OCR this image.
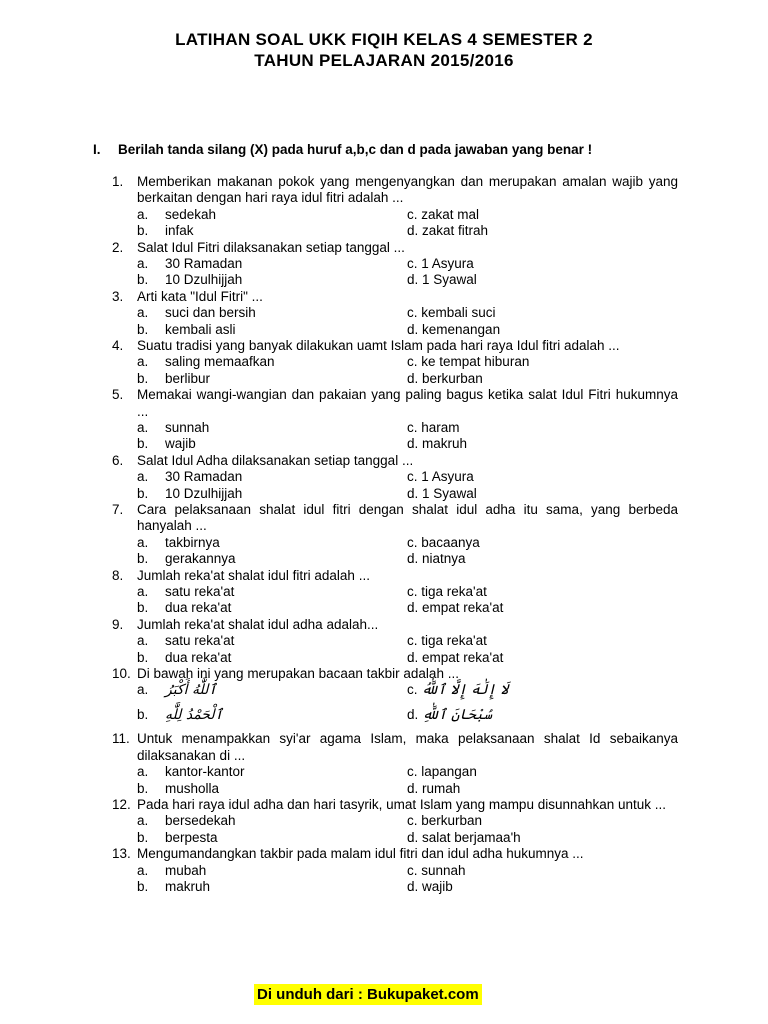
LATIHAN SOAL UKK FIQIH KELAS 4 SEMESTER 2
TAHUN PELAJARAN 2015/2016
I. Berilah tanda silang (X) pada huruf a,b,c dan d pada jawaban yang benar !
1. Memberikan makanan pokok yang mengenyangkan dan merupakan amalan wajib yang berkaitan dengan hari raya idul fitri adalah ...
a. sedekah	c. zakat mal
b. infak	d. zakat fitrah
2. Salat Idul Fitri dilaksanakan setiap tanggal ...
a. 30 Ramadan	c. 1 Asyura
b. 10 Dzulhijjah	d. 1 Syawal
3. Arti kata "Idul Fitri" ...
a. suci dan bersih	c. kembali suci
b. kembali asli	d. kemenangan
4. Suatu tradisi yang banyak dilakukan uamt Islam pada hari raya Idul fitri adalah ...
a. saling memaafkan	c. ke tempat hiburan
b. berlibur	d. berkurban
5. Memakai wangi-wangian dan pakaian yang paling bagus ketika salat Idul Fitri hukumnya ...
a. sunnah	c. haram
b. wajib	d. makruh
6. Salat Idul Adha dilaksanakan setiap tanggal ...
a. 30 Ramadan	c. 1 Asyura
b. 10 Dzulhijjah	d. 1 Syawal
7. Cara pelaksanaan shalat idul fitri dengan shalat idul adha itu sama, yang berbeda hanyalah ...
a. takbirnya	c. bacaanya
b. gerakannya	d. niatnya
8. Jumlah reka'at shalat idul fitri adalah ...
a. satu reka'at	c. tiga reka'at
b. dua reka'at	d. empat reka'at
9. Jumlah reka'at shalat idul adha adalah...
a. satu reka'at	c. tiga reka'at
b. dua reka'at	d. empat reka'at
10. Di bawah ini yang merupakan bacaan takbir adalah ...
a. ٱللَّٰهُ أَكْبَرُ	c. لَا إِلَٰهَ إِلَّا ٱللَّٰهُ
b. ٱلْحَمْدُ لِلَّٰهِ	d. سُبْحَانَ ٱللَّٰهِ
11. Untuk menampakkan syi'ar agama Islam, maka pelaksanaan shalat Id sebaikanya dilaksanakan di ...
a. kantor-kantor	c. lapangan
b. musholla	d. rumah
12. Pada hari raya idul adha dan hari tasyrik, umat Islam yang mampu disunnahkan untuk ...
a. bersedekah	c. berkurban
b. berpesta	d. salat berjamaa'h
13. Mengumandangkan takbir pada malam idul fitri dan idul adha hukumnya ...
a. mubah	c. sunnah
b. makruh	d. wajib
Di unduh dari : Bukupaket.com
